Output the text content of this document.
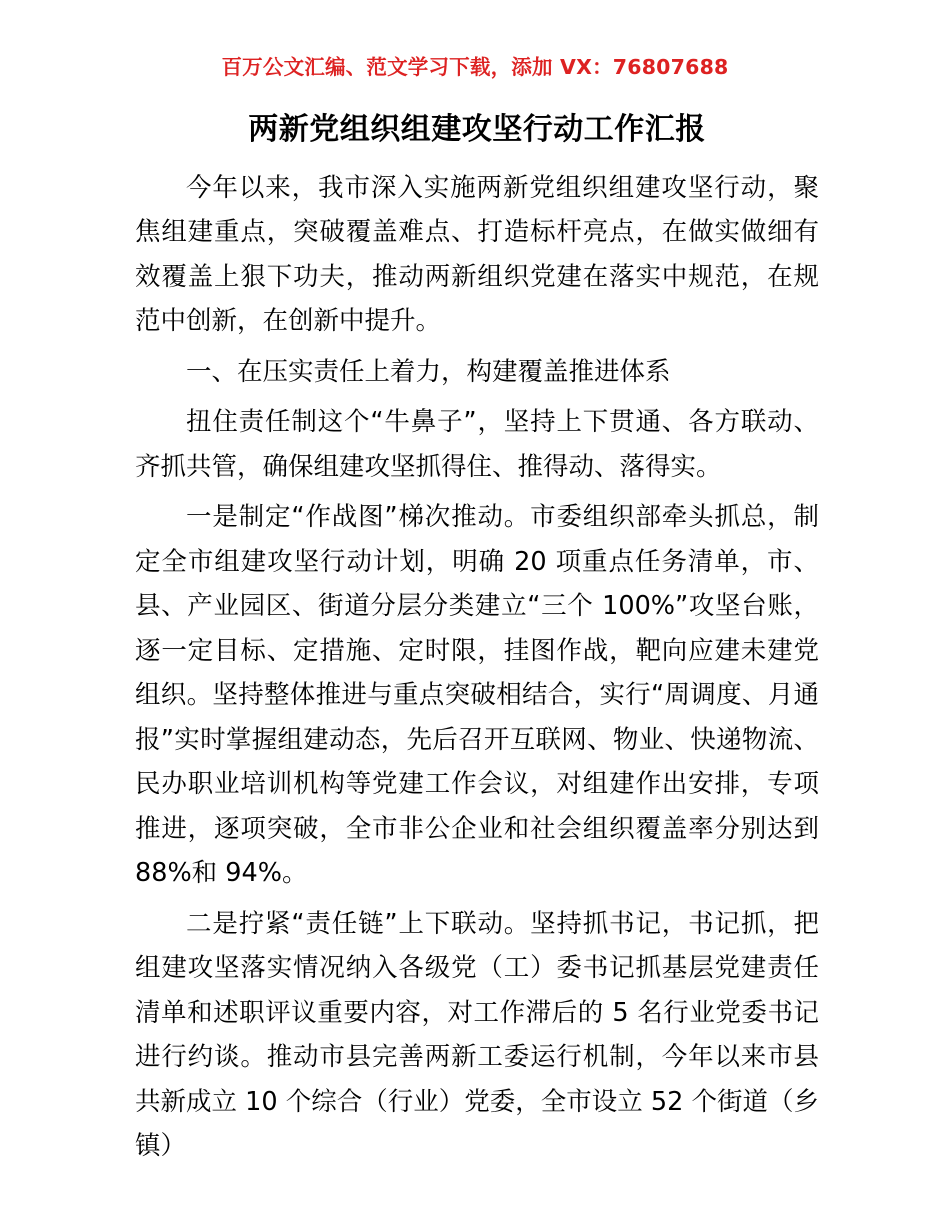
百万公文汇编、范文学习下载，添加 VX：76807688
两新党组织组建攻坚行动工作汇报

今年以来，我市深入实施两新党组织组建攻坚行动，聚焦组建重点，突破覆盖难点、打造标杆亮点，在做实做细有效覆盖上狠下功夫，推动两新组织党建在落实中规范，在规范中创新，在创新中提升。

一、在压实责任上着力，构建覆盖推进体系

扭住责任制这个“牛鼻子”，坚持上下贯通、各方联动、齐抓共管，确保组建攻坚抓得住、推得动、落得实。

一是制定“作战图”梯次推动。市委组织部牵头抓总，制定全市组建攻坚行动计划，明确 20 项重点任务清单，市、县、产业园区、街道分层分类建立“三个 100%”攻坚台账，逐一定目标、定措施、定时限，挂图作战，靶向应建未建党组织。坚持整体推进与重点突破相结合，实行“周调度、月通报”实时掌握组建动态，先后召开互联网、物业、快递物流、民办职业培训机构等党建工作会议，对组建作出安排，专项推进，逐项突破，全市非公企业和社会组织覆盖率分别达到 88%和 94%。

二是拧紧“责任链”上下联动。坚持抓书记，书记抓，把组建攻坚落实情况纳入各级党（工）委书记抓基层党建责任清单和述职评议重要内容，对工作滞后的 5 名行业党委书记进行约谈。推动市县完善两新工委运行机制，今年以来市县共新成立 10 个综合（行业）党委，全市设立 52 个街道（乡镇）
